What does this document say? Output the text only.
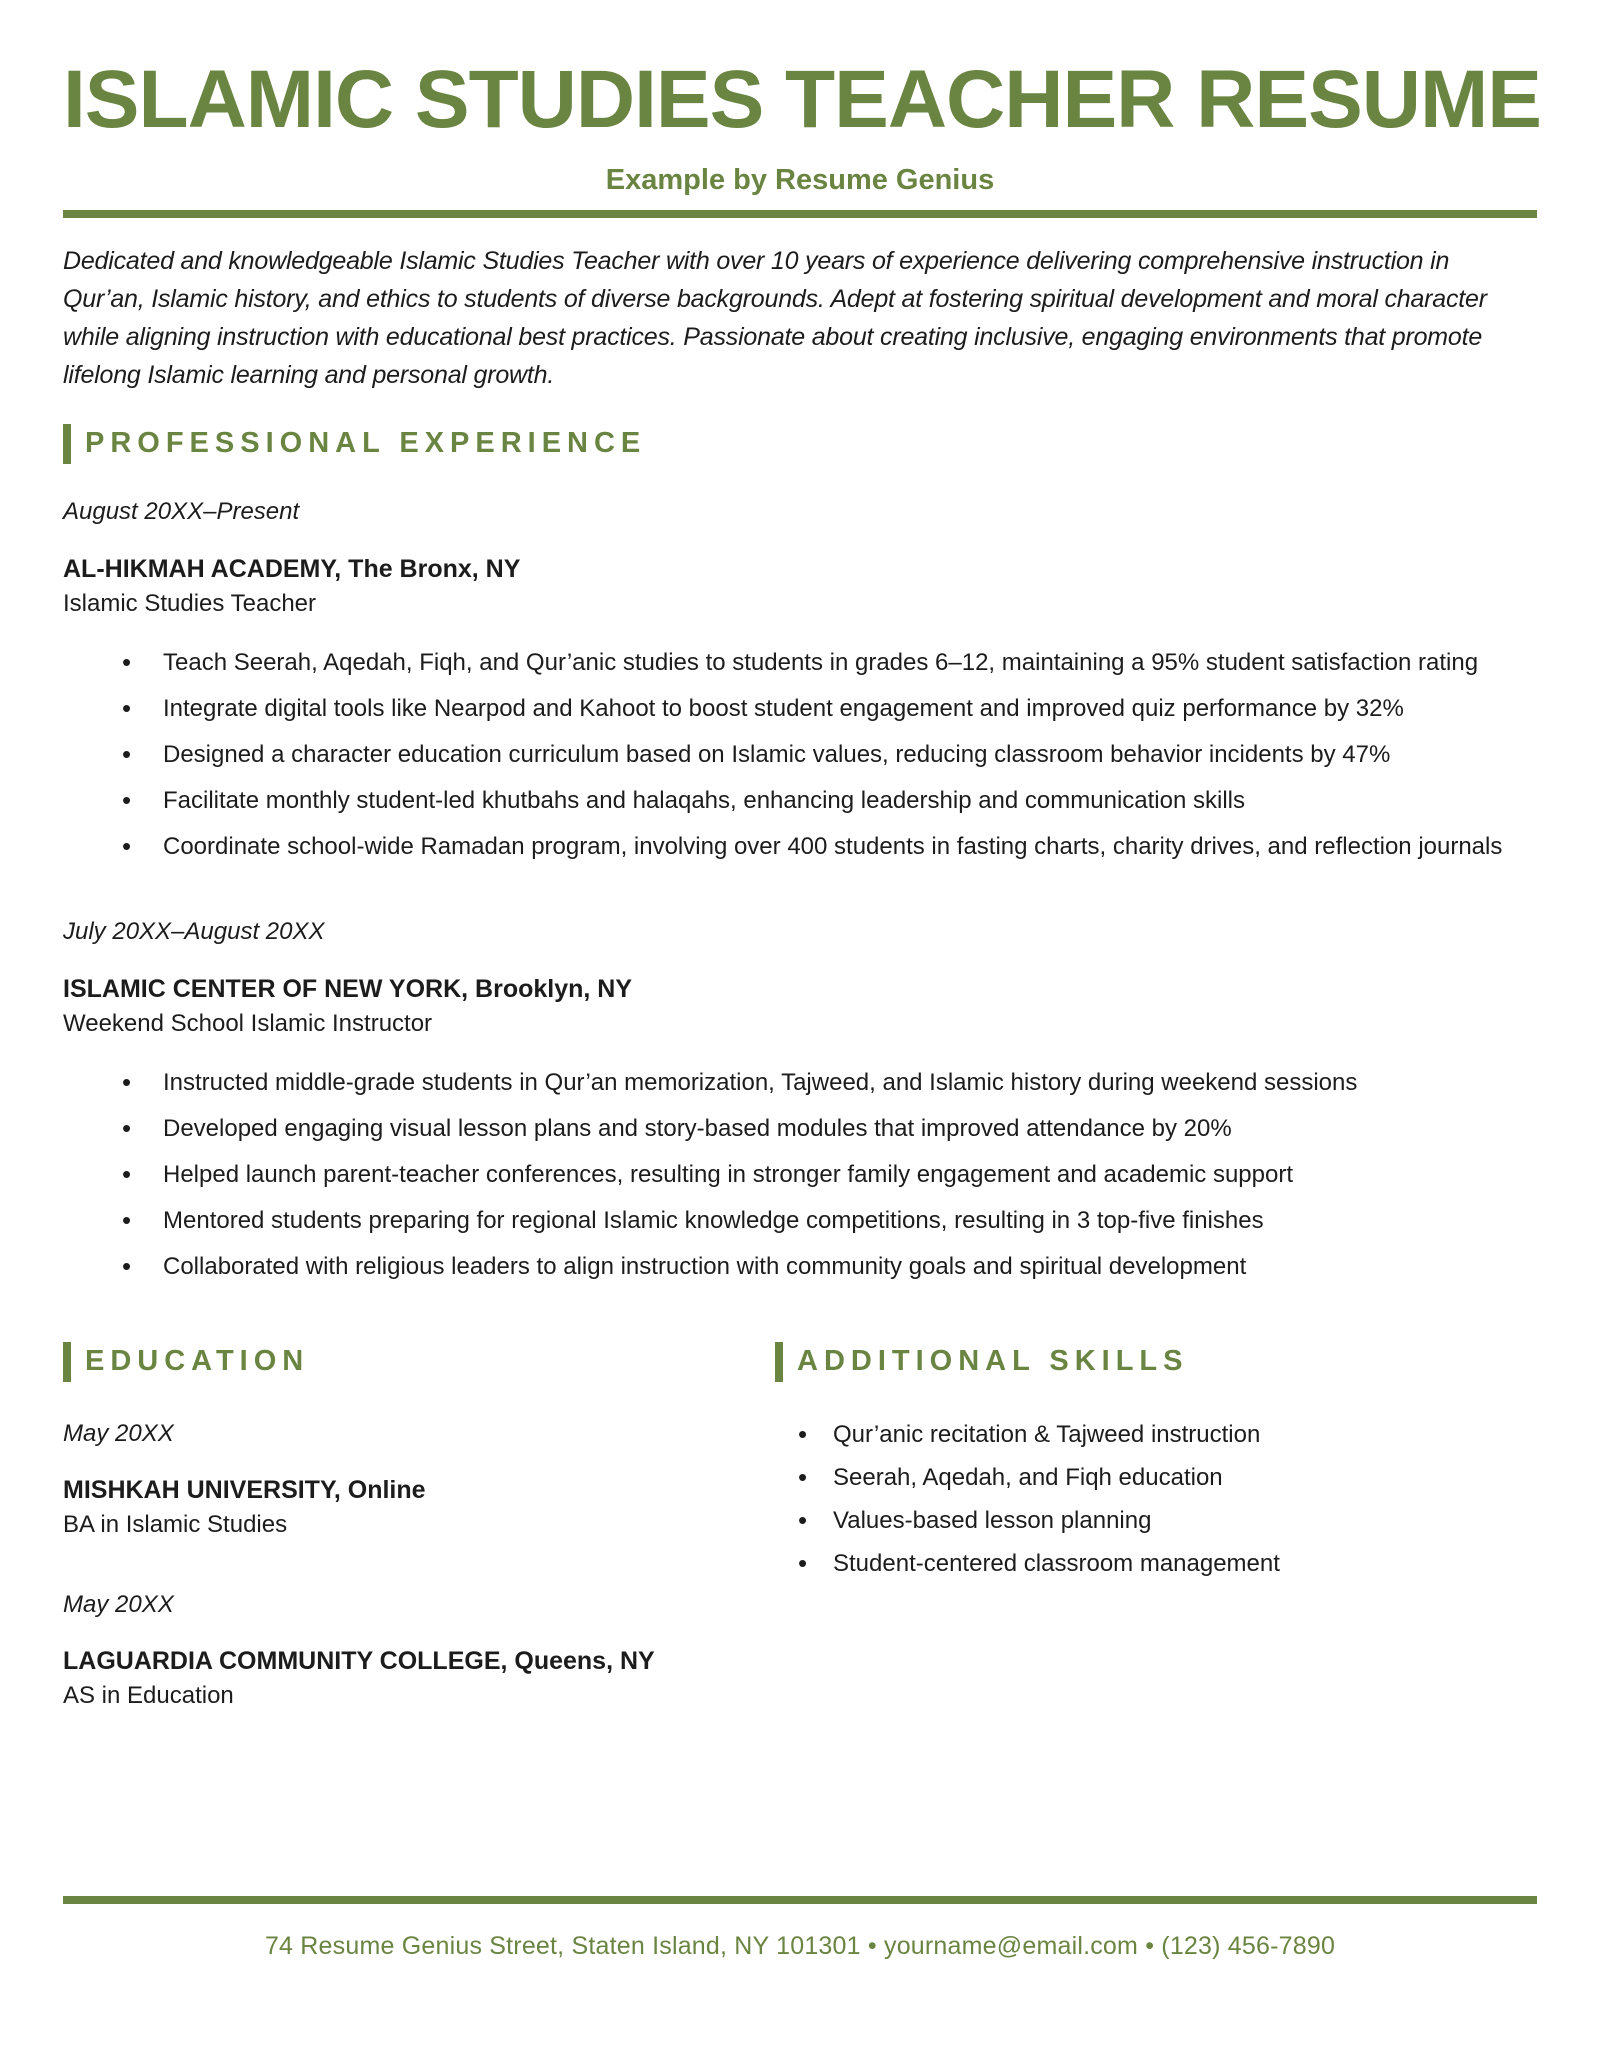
ISLAMIC STUDIES TEACHER RESUME
Example by Resume Genius

Dedicated and knowledgeable Islamic Studies Teacher with over 10 years of experience delivering comprehensive instruction in Qur’an, Islamic history, and ethics to students of diverse backgrounds. Adept at fostering spiritual development and moral character while aligning instruction with educational best practices. Passionate about creating inclusive, engaging environments that promote lifelong Islamic learning and personal growth.

PROFESSIONAL EXPERIENCE
August 20XX–Present
AL-HIKMAH ACADEMY, The Bronx, NY
Islamic Studies Teacher
• Teach Seerah, Aqedah, Fiqh, and Qur’anic studies to students in grades 6–12, maintaining a 95% student satisfaction rating
• Integrate digital tools like Nearpod and Kahoot to boost student engagement and improved quiz performance by 32%
• Designed a character education curriculum based on Islamic values, reducing classroom behavior incidents by 47%
• Facilitate monthly student-led khutbahs and halaqahs, enhancing leadership and communication skills
• Coordinate school-wide Ramadan program, involving over 400 students in fasting charts, charity drives, and reflection journals
July 20XX–August 20XX
ISLAMIC CENTER OF NEW YORK, Brooklyn, NY
Weekend School Islamic Instructor
• Instructed middle-grade students in Qur’an memorization, Tajweed, and Islamic history during weekend sessions
• Developed engaging visual lesson plans and story-based modules that improved attendance by 20%
• Helped launch parent-teacher conferences, resulting in stronger family engagement and academic support
• Mentored students preparing for regional Islamic knowledge competitions, resulting in 3 top-five finishes
• Collaborated with religious leaders to align instruction with community goals and spiritual development
EDUCATION
May 20XX
MISHKAH UNIVERSITY, Online
BA in Islamic Studies
May 20XX
LAGUARDIA COMMUNITY COLLEGE, Queens, NY
AS in Education
ADDITIONAL SKILLS
• Qur’anic recitation & Tajweed instruction
• Seerah, Aqedah, and Fiqh education
• Values-based lesson planning
• Student-centered classroom management
74 Resume Genius Street, Staten Island, NY 101301 • yourname@email.com • (123) 456-7890
